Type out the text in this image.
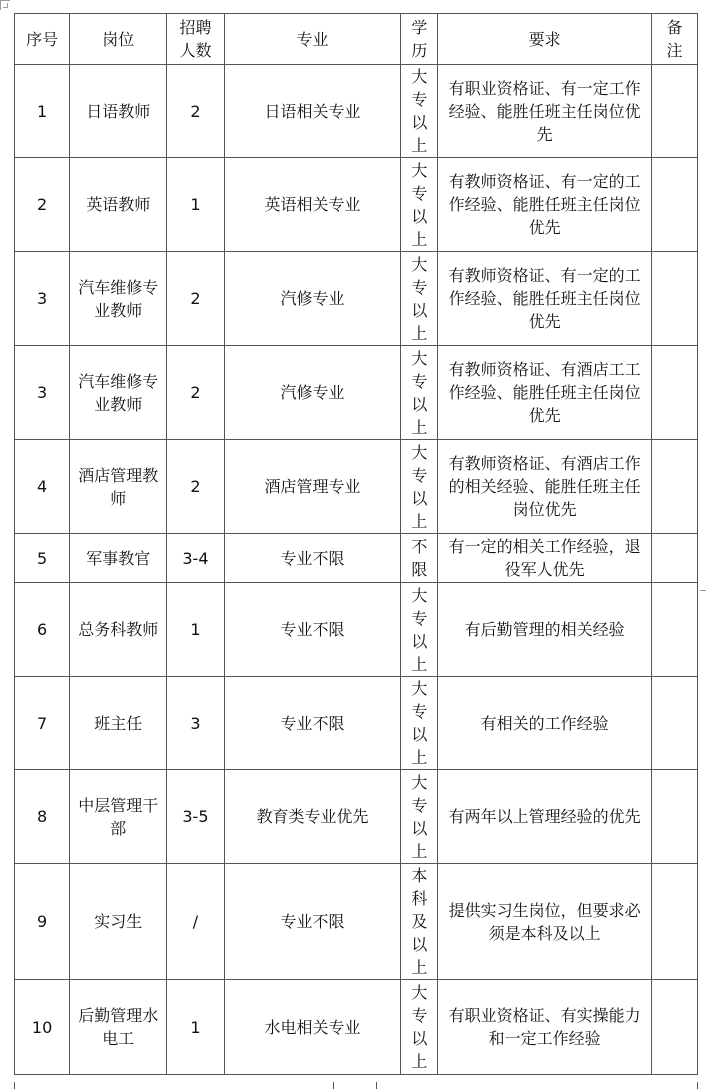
序号	岗位	招聘人数	专业	学历	要求	备注

1	日语教师	2	日语相关专业	大专以上	有职业资格证、有一定工作经验、能胜任班主任岗位优先	

2	英语教师	1	英语相关专业	大专以上	有教师资格证、有一定的工作经验、能胜任班主任岗位优先	

3	汽车维修专业教师	2	汽修专业	大专以上	有教师资格证、有一定的工作经验、能胜任班主任岗位优先	

3	汽车维修专业教师	2	汽修专业	大专以上	有教师资格证、有酒店工工作经验、能胜任班主任岗位优先	

4	酒店管理教师	2	酒店管理专业	大专以上	有教师资格证、有酒店工作的相关经验、能胜任班主任岗位优先	

5	军事教官	3-4	专业不限	不限	有一定的相关工作经验，退役军人优先	

6	总务科教师	1	专业不限	大专以上	有后勤管理的相关经验	

7	班主任	3	专业不限	大专以上	有相关的工作经验	

8	中层管理干部	3-5	教育类专业优先	大专以上	有两年以上管理经验的优先	

9	实习生	/	专业不限	本科及以上	提供实习生岗位，但要求必须是本科及以上	

10	后勤管理水电工	1	水电相关专业	大专以上	有职业资格证、有实操能力和一定工作经验	
